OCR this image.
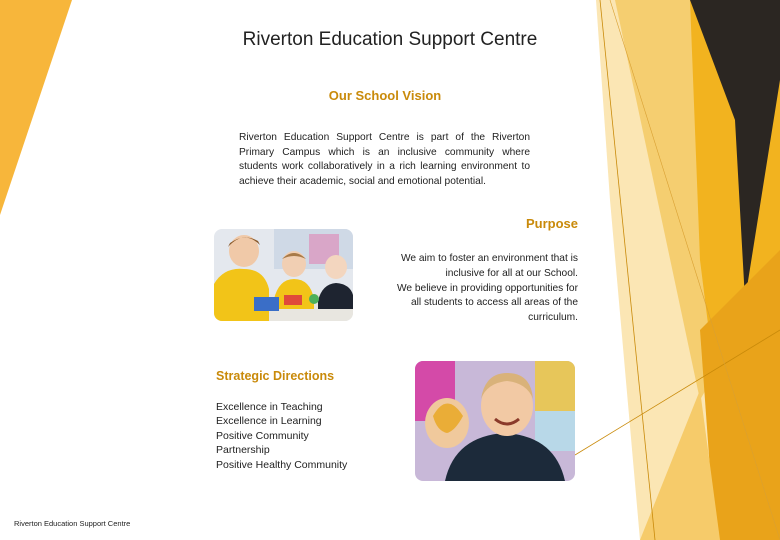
Riverton Education Support Centre
Our School Vision
Riverton Education Support Centre is part of the Riverton Primary Campus which is an inclusive community where students work collaboratively in a rich learning environment to achieve their academic, social and emotional potential.
Purpose
We aim to foster an environment that is
inclusive for all at our School.
We believe in providing opportunities for
all students to access all areas of the
curriculum.
Strategic Directions
Excellence in Teaching
Excellence in Learning
Positive Community
Partnership
Positive Healthy Community
Riverton Education Support Centre
